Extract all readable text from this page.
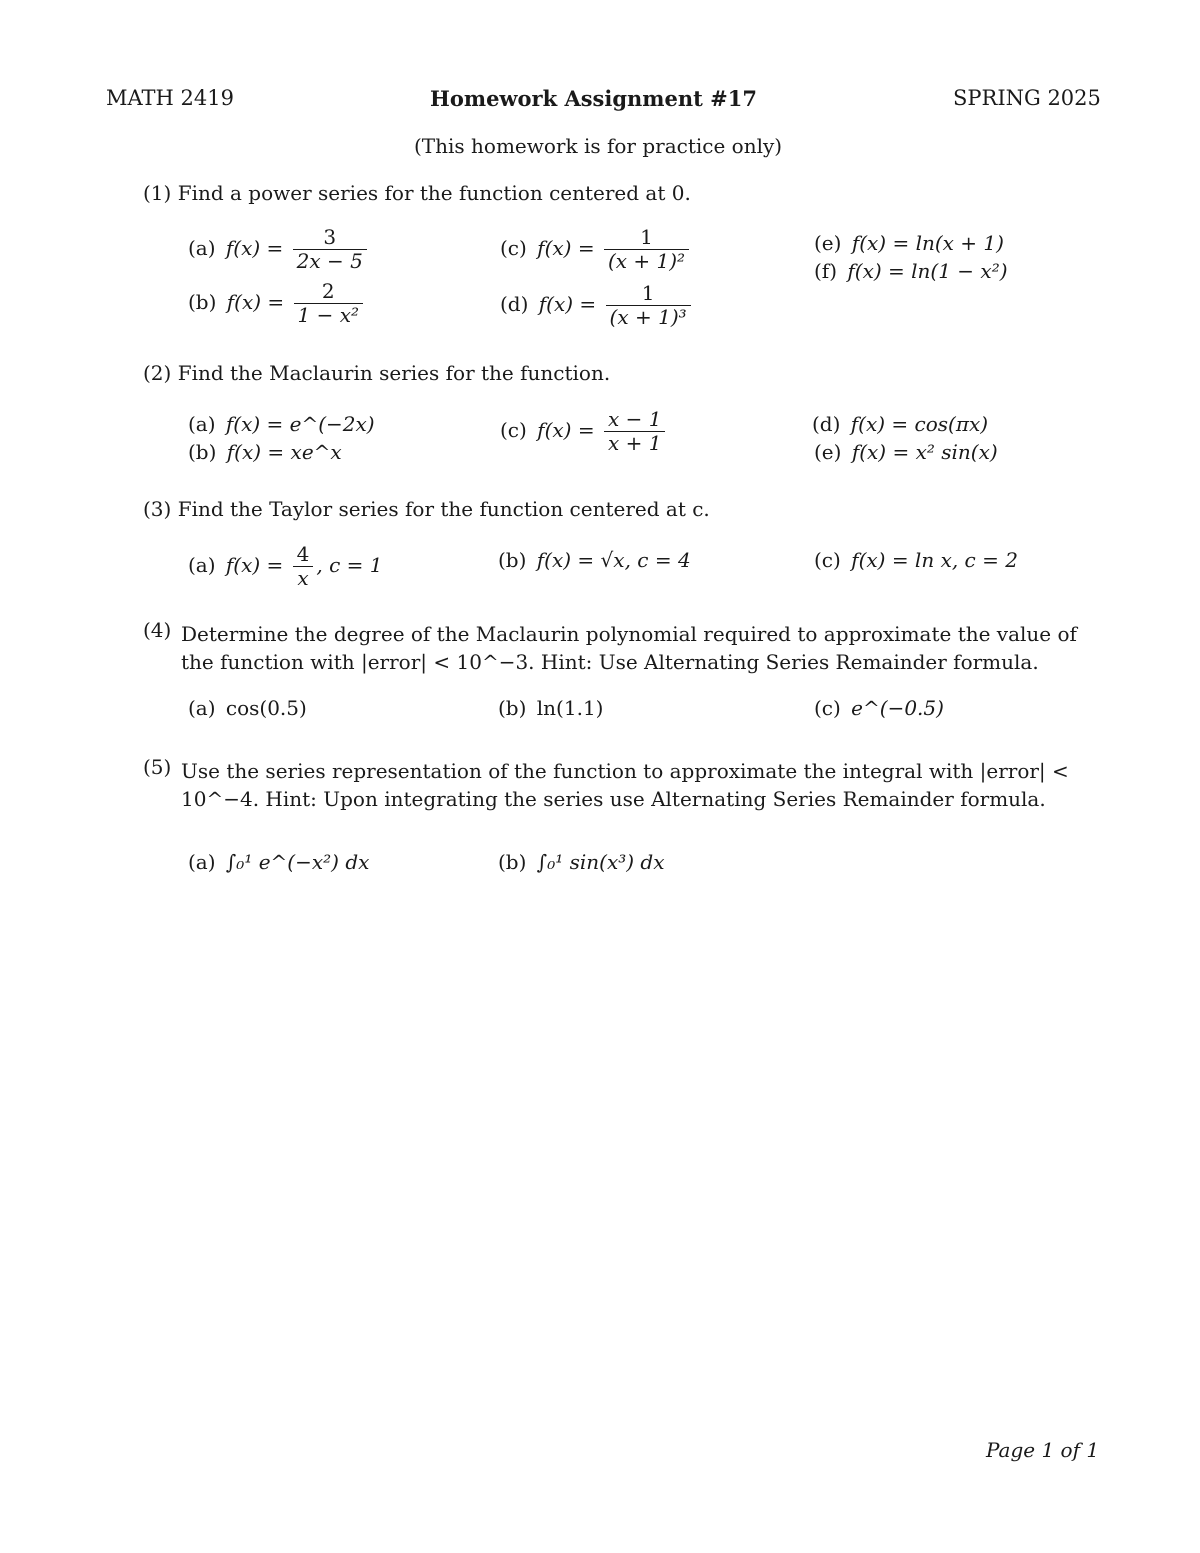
MATH 2419	Homework Assignment #17	SPRING 2025
(This homework is for practice only)
(1) Find a power series for the function centered at 0.
(a) $f(x) = \frac{3}{2x - 5}$
(b) $f(x) = \frac{2}{\text{1 − x²}}$
(c) $f(x) = \frac{1}{\text{(x + 1)²}}$
(d) $f(x) = \frac{1}{\text{(x + 1)³}}$
(e) f(x) = ln(x + 1)
(f) f(x) = ln(1 − x²)
(2) Find the Maclaurin series for the function.
(a) f(x) = e^(−2x)
(b) f(x) = xe^x
(c) $f(x) = \frac{x - 1}{x + 1}$	(d) f(x) = cos(πx)
(e) f(x) = x² sin(x)
(3) Find the Taylor series for the function centered at c.
(a) $f(x) = \frac{4}{x}$ , c = 1	(b) f(x) = √x, c = 4	(c) f(x) = ln x, c = 2
(4) Determine the degree of the Maclaurin polynomial required to approximate the value of the function with |error| < 10^−3. Hint: Use Alternating Series Remainder formula.
(a) cos(0.5)	(b) ln(1.1)	(c) e^(−0.5)
(5) Use the series representation of the function to approximate the integral with |error| < 10^−4. Hint: Upon integrating the series use Alternating Series Remainder formula.
(a) ∫₀¹ e^(−x²) dx	(b) ∫₀¹ sin(x³) dx
Page 1 of 1
